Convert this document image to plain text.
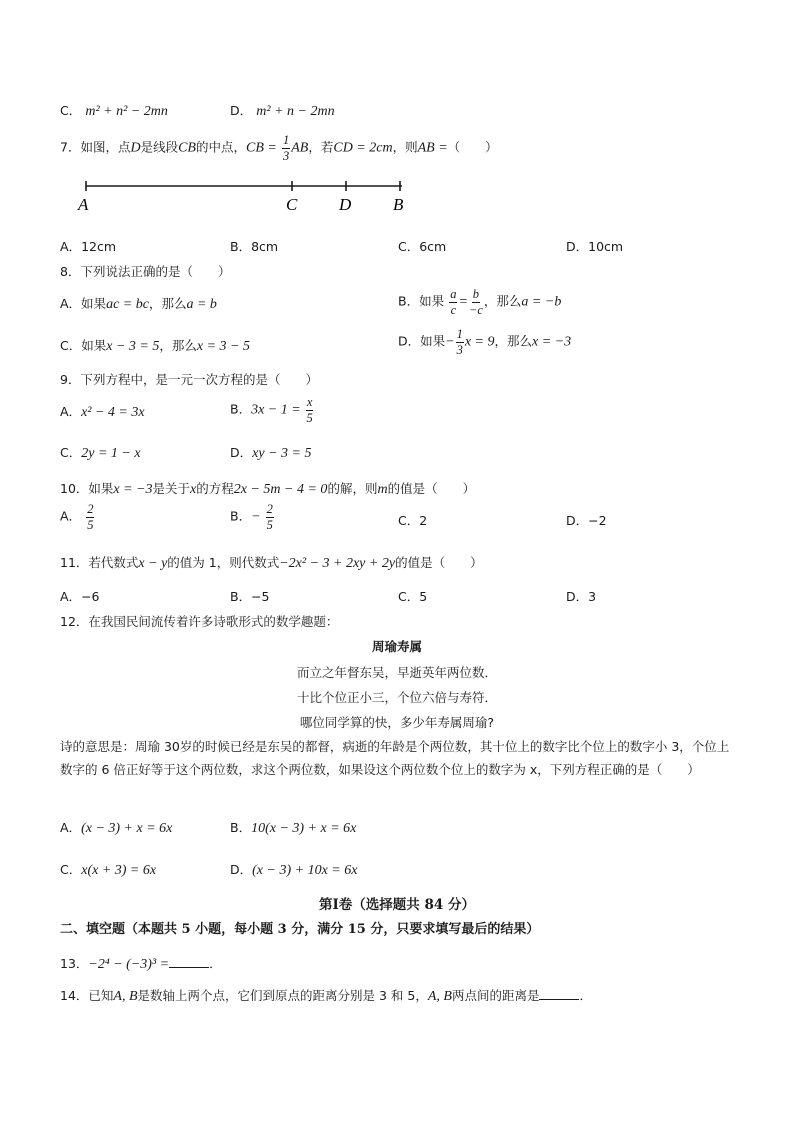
C． m² + n² − 2mn	D． m² + n − 2mn
7．如图，点D是线段CB的中点，CB = $\frac{1}{3}$ AB，若CD = 2cm，则AB =（　　）
A	C D B
A．12cm	B．8cm	C．6cm	D．10cm
8．下列说法正确的是（　　）
A．如果ac = bc，那么a = b	B．如果 $\frac{a}{c} = \frac{b}{-c}$ ，那么a = −b
C．如果x − 3 = 5，那么x = 3 − 5	D．如果− $\frac{1}{3}$ x = 9，那么x = −3
9．下列方程中，是一元一次方程的是（　　）
A．x² − 4 = 3x	B．$3x - 1 = \frac{x}{5}$
C．2y = 1 − x	D．xy − 3 = 5
10．如果x = −3是关于x的方程2x − 5m − 4 = 0的解，则m的值是（　　）
A． $\frac{2}{5}$	B．− $\frac{2}{5}$	C．2	D．−2
11．若代数式x − y的值为 1，则代数式−2x² − 3 + 2xy + 2y的值是（　　）
A．−6	B．−5	C．5	D．3
12．在我国民间流传着许多诗歌形式的数学趣题：
周瑜寿属
而立之年督东吴，早逝英年两位数．
十比个位正小三，个位六倍与寿符．
哪位同学算的快，多少年寿属周瑜?
诗的意思是：周瑜 30岁的时候已经是东吴的都督，病逝的年龄是个两位数，其十位上的数字比个位上的数字小 3，个位上数字的 6 倍正好等于这个两位数，求这个两位数，如果设这个两位数个位上的数字为 x，下列方程正确的是（　　）
A．(x − 3) + x = 6x	B．10(x − 3) + x = 6x
C．x(x + 3) = 6x	D．(x − 3) + 10x = 6x
第Ⅰ卷（选择题共 84 分）
二、填空题（本题共 5 小题，每小题 3 分，满分 15 分，只要求填写最后的结果）
13．−2⁴ − (−3)³ =	．
14．已知A, B是数轴上两个点，它们到原点的距离分别是 3 和 5，A, B两点间的距离是	．
